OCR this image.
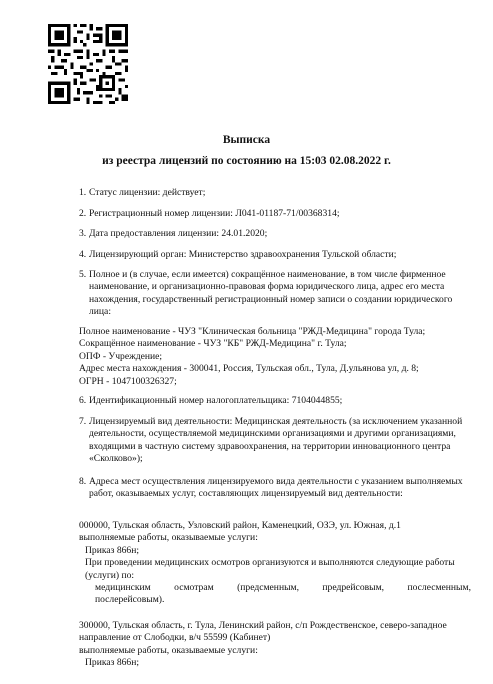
Выписка
из реестра лицензий по состоянию на 15:03 02.08.2022 г.
1. Статус лицензии: действует;
2. Регистрационный номер лицензии: Л041-01187-71/00368314;
3. Дата предоставления лицензии: 24.01.2020;
4. Лицензирующий орган: Министерство здравоохранения Тульской области;
5. Полное и (в случае, если имеется) сокращённое наименование, в том числе фирменное наименование, и организационно-правовая форма юридического лица, адрес его места нахождения, государственный регистрационный номер записи о создании юридического лица:
Полное наименование - ЧУЗ "Клиническая больница "РЖД-Медицина" города Тула;
Сокращённое наименование - ЧУЗ "КБ" РЖД-Медицина" г. Тула;
ОПФ - Учреждение;
Адрес места нахождения - 300041, Россия, Тульская обл., Тула, Д.ульянова ул, д. 8;
ОГРН - 1047100326327;
6. Идентификационный номер налогоплательщика: 7104044855;
7. Лицензируемый вид деятельности: Медицинская деятельность (за исключением указанной деятельности, осуществляемой медицинскими организациями и другими организациями, входящими в частную систему здравоохранения, на территории инновационного центра «Сколково»);
8. Адреса мест осуществления лицензируемого вида деятельности с указанием выполняемых работ, оказываемых услуг, составляющих лицензируемый вид деятельности:
000000, Тульская область, Узловский район, Каменецкий, ОЗЭ, ул. Южная, д.1
выполняемые работы, оказываемые услуги:
Приказ 866н;
При проведении медицинских осмотров организуются и выполняются следующие работы (услуги) по:
медицинским осмотрам (предсменным, предрейсовым, послесменным,
послерейсовым).
300000, Тульская область, г. Тула, Ленинский район, с/п Рождественское, северо-западное направление от Слободки, в/ч 55599 (Кабинет)
выполняемые работы, оказываемые услуги:
Приказ 866н;
